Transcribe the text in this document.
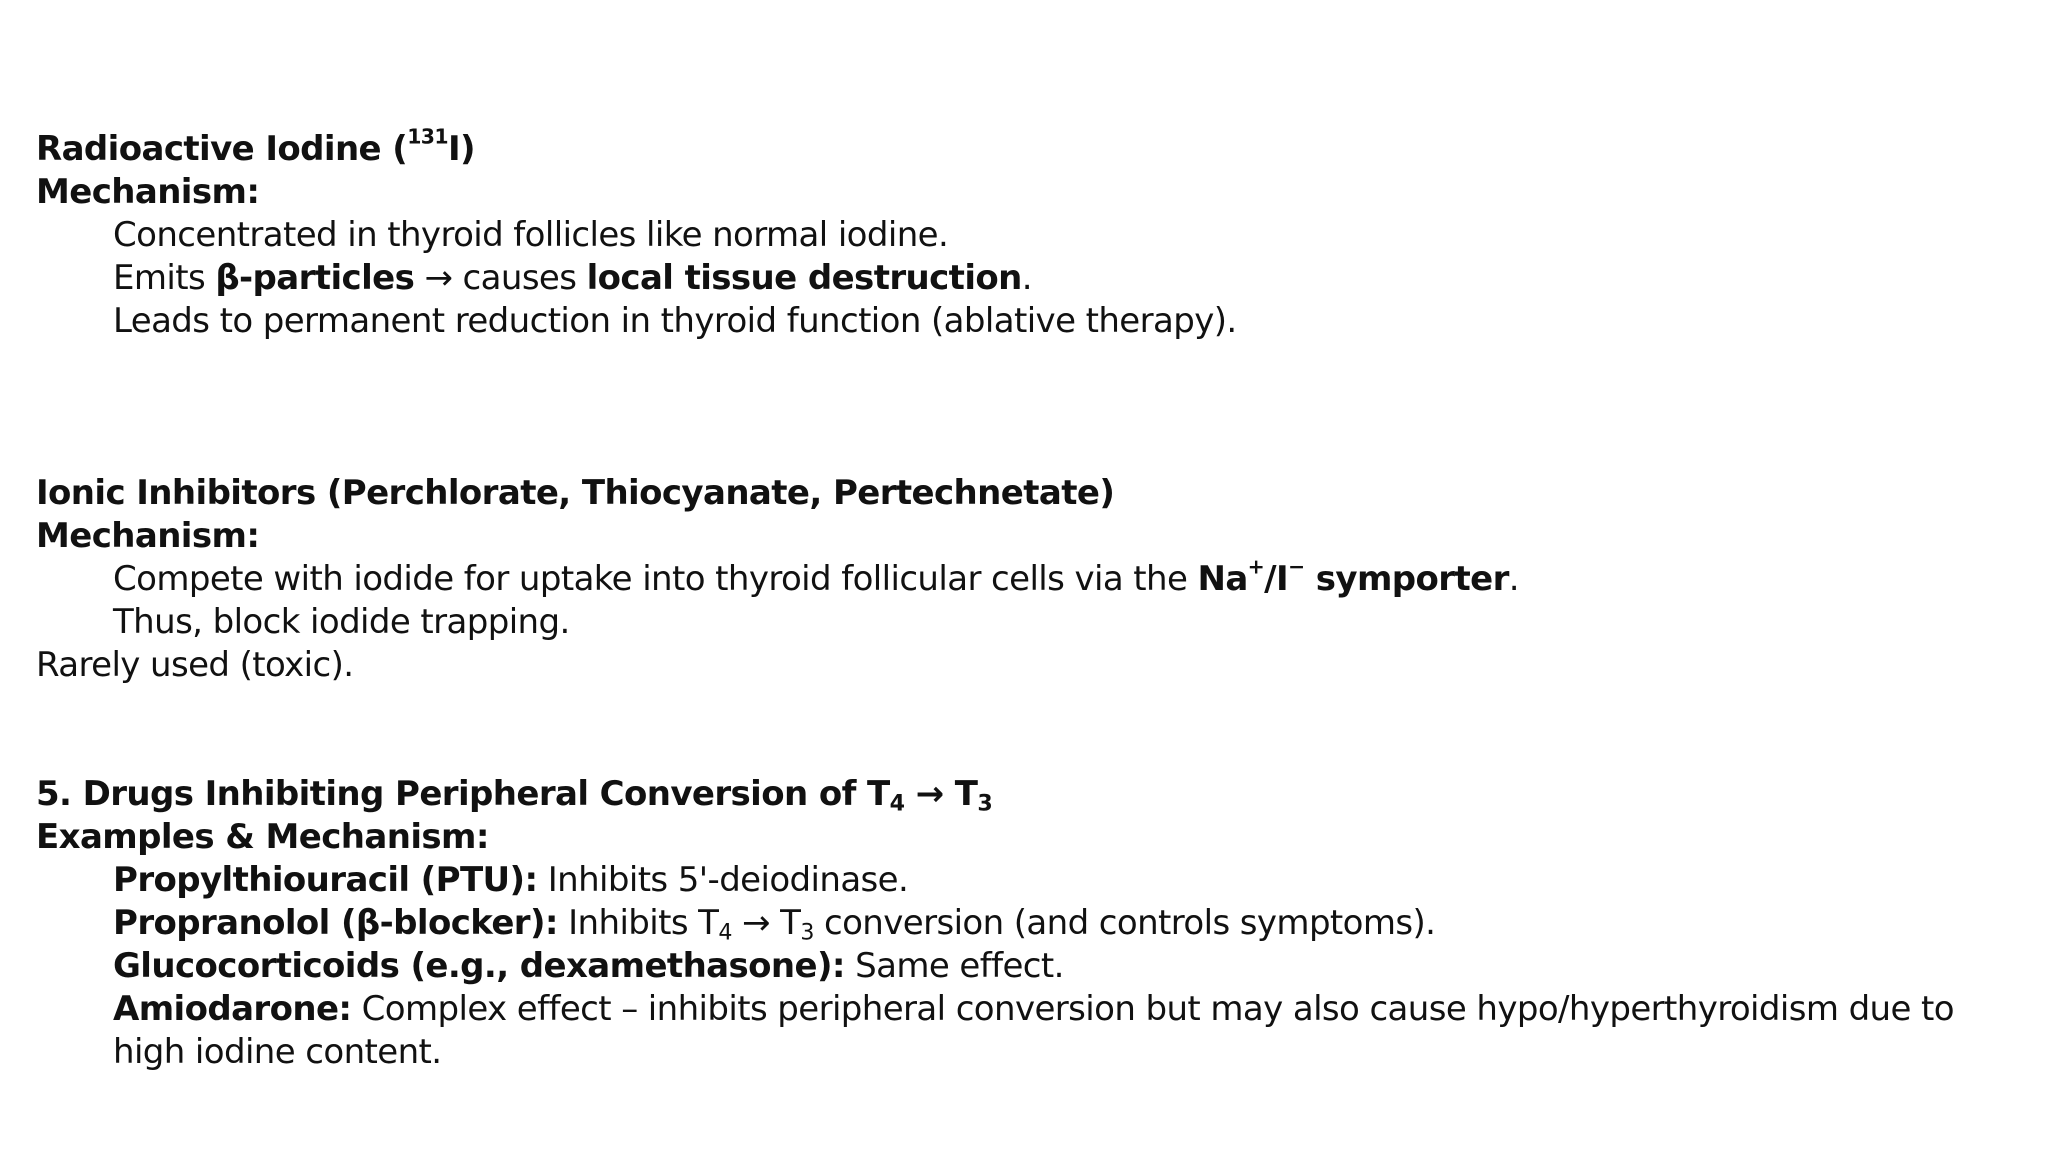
Radioactive Iodine ($^{131}$I)
Mechanism:
Concentrated in thyroid follicles like normal iodine.
Emits β-particles → causes local tissue destruction.
Leads to permanent reduction in thyroid function (ablative therapy).
Ionic Inhibitors (Perchlorate, Thiocyanate, Pertechnetate)
Mechanism:
Compete with iodide for uptake into thyroid follicular cells via the Na+/I− symporter.
Thus, block iodide trapping.
Rarely used (toxic).
5. Drugs Inhibiting Peripheral Conversion of $T_4 \to T_3$
Examples & Mechanism:
Propylthiouracil (PTU): Inhibits 5'-deiodinase.
Propranolol (β-blocker): Inhibits $T_4 \to T_3$ conversion (and controls symptoms).
Glucocorticoids (e.g., dexamethasone): Same effect.
Amiodarone: Complex effect – inhibits peripheral conversion but may also cause hypo/hyperthyroidism due to high iodine content.
